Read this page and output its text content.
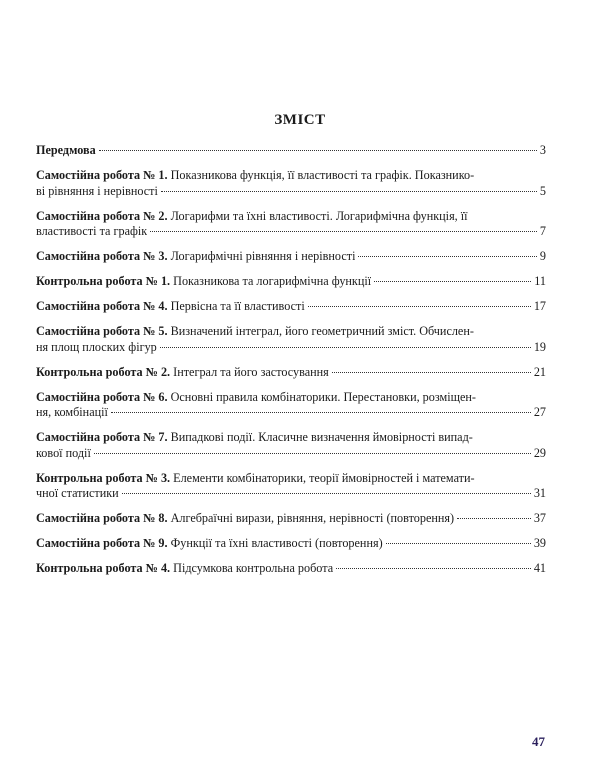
ЗМІСТ
Передмова	3
Самостійна робота № 1. Показникова функція, її властивості та графік. Показнико-
ві рівняння і нерівності	5
Самостійна робота № 2. Логарифми та їхні властивості. Логарифмічна функція, її
властивості та графік	7
Самостійна робота № 3. Логарифмічні рівняння і нерівності	9
Контрольна робота № 1. Показникова та логарифмічна функції	11
Самостійна робота № 4. Первісна та її властивості	17
Самостійна робота № 5. Визначений інтеграл, його геометричний зміст. Обчислен-
ня площ плоских фігур	19
Контрольна робота № 2. Інтеграл та його застосування	21
Самостійна робота № 6. Основні правила комбінаторики. Перестановки, розміщен-
ня, комбінації	27
Самостійна робота № 7. Випадкові події. Класичне визначення ймовірності випад-
кової події	29
Контрольна робота № 3. Елементи комбінаторики, теорії ймовірностей і математи-
чної статистики	31
Самостійна робота № 8. Алгебраїчні вирази, рівняння, нерівності (повторення)	37
Самостійна робота № 9. Функції та їхні властивості (повторення)	39
Контрольна робота № 4. Підсумкова контрольна робота	41
47
